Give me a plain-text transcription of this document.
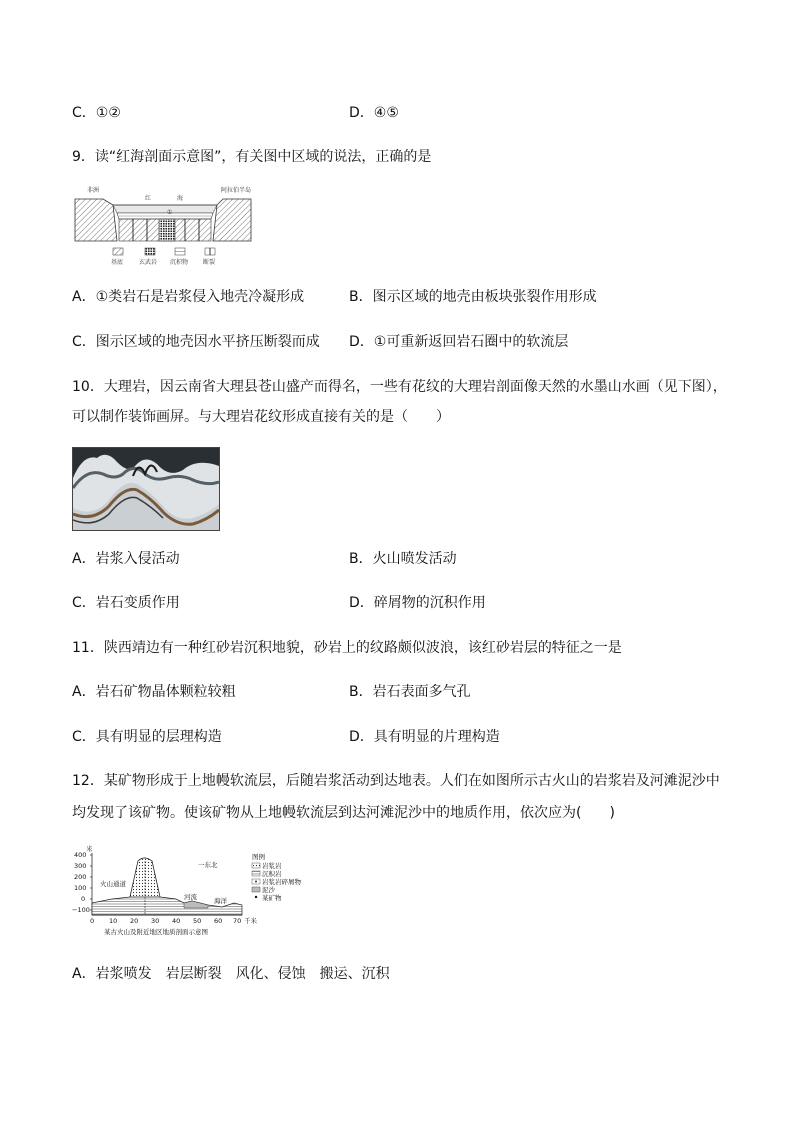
C．①②	D．④⑤
9．读“红海剖面示意图”，有关图中区域的说法，正确的是
非洲
红	海
阿拉伯半岛
①
基底	玄武岩 沉积物 断裂
A．①类岩石是岩浆侵入地壳冷凝形成	B．图示区域的地壳由板块张裂作用形成
C．图示区域的地壳因水平挤压断裂而成 D．①可重新返回岩石圈中的软流层
10．大理岩，因云南省大理县苍山盛产而得名，一些有花纹的大理岩剖面像天然的水墨山水画（见下图），
可以制作装饰画屏。与大理岩花纹形成直接有关的是（　　）
A．岩浆入侵活动	B．火山喷发活动
C．岩石变质作用	D．碎屑物的沉积作用
11．陕西靖边有一种红砂岩沉积地貌，砂岩上的纹路颇似波浪，该红砂岩层的特征之一是
A．岩石矿物晶体颗粒较粗	B．岩石表面多气孔
C．具有明显的层理构造	D．具有明显的片理构造
12．某矿物形成于上地幔软流层，后随岩浆活动到达地表。人们在如图所示古火山的岩浆岩及河滩泥沙中
均发现了该矿物。使该矿物从上地幔软流层到达河滩泥沙中的地质作用，依次应为(　　)
米
400
300
200
100
0
−100
火山通道
河流	海洋
一东北
0 10 20 30 40 50 60 70 千米
某古火山及附近地区地质剖面示意图
图例
岩浆岩
沉积岩
岩浆岩碎屑物
泥沙
某矿物
A．岩浆喷发　岩层断裂　风化、侵蚀　搬运、沉积
